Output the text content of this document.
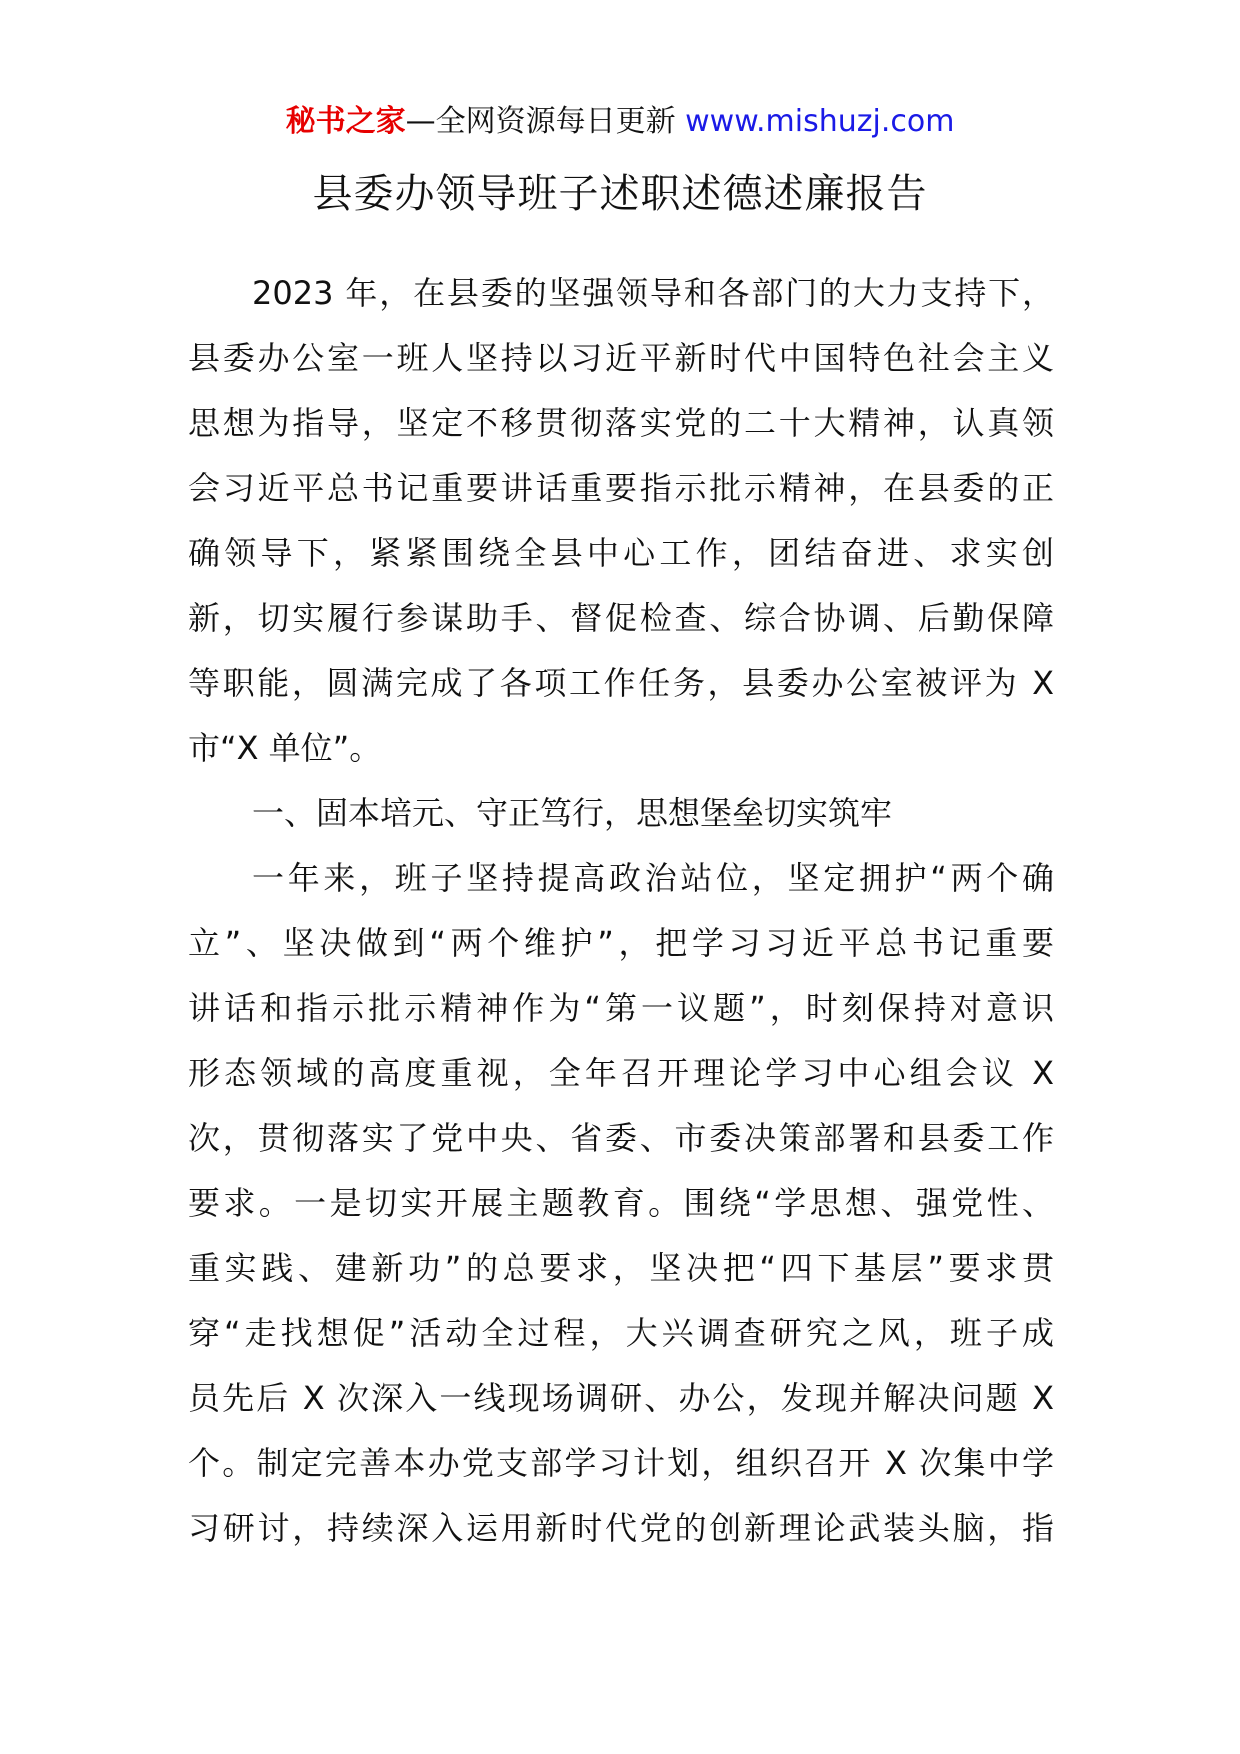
秘书之家—全网资源每日更新 www.mishuzj.com
县委办领导班子述职述德述廉报告
2023 年，在县委的坚强领导和各部门的大力支持下，
县委办公室一班人坚持以习近平新时代中国特色社会主义
思想为指导，坚定不移贯彻落实党的二十大精神，认真领
会习近平总书记重要讲话重要指示批示精神，在县委的正
确领导下，紧紧围绕全县中心工作，团结奋进、求实创
新，切实履行参谋助手、督促检查、综合协调、后勤保障
等职能，圆满完成了各项工作任务，县委办公室被评为 X
市“X 单位”。
一、固本培元、守正笃行，思想堡垒切实筑牢
一年来，班子坚持提高政治站位，坚定拥护“两个确
立”、坚决做到“两个维护”，把学习习近平总书记重要
讲话和指示批示精神作为“第一议题”，时刻保持对意识
形态领域的高度重视，全年召开理论学习中心组会议 X
次，贯彻落实了党中央、省委、市委决策部署和县委工作
要求。一是切实开展主题教育。围绕“学思想、强党性、
重实践、建新功”的总要求，坚决把“四下基层”要求贯
穿“走找想促”活动全过程，大兴调查研究之风，班子成
员先后 X 次深入一线现场调研、办公，发现并解决问题 X
个。制定完善本办党支部学习计划，组织召开 X 次集中学
习研讨，持续深入运用新时代党的创新理论武装头脑，指
